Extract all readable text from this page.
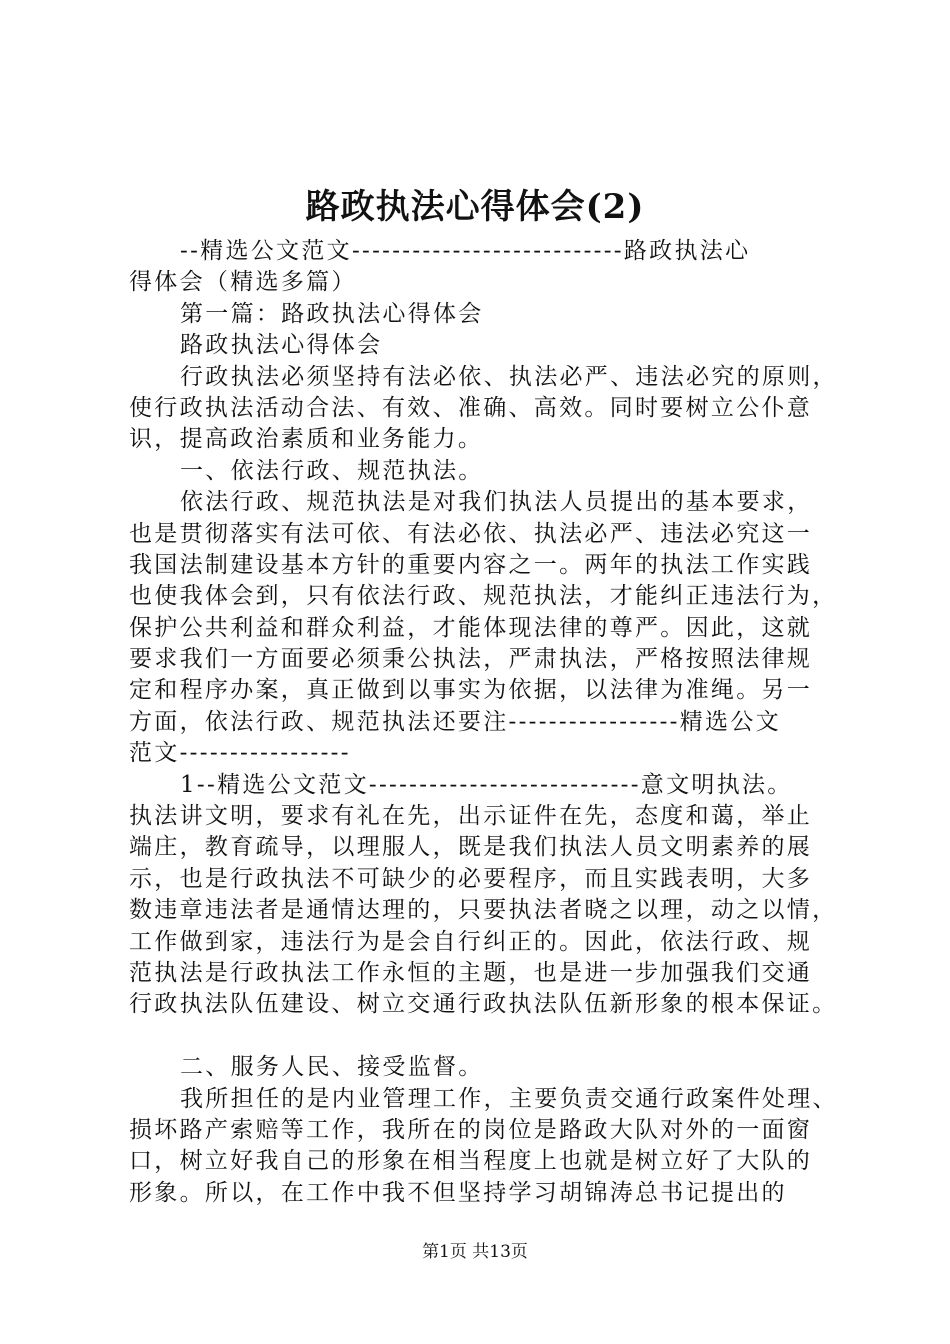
路政执法心得体会(2)
--精选公文范文---------------------------路政执法心
得体会（精选多篇）
第一篇：路政执法心得体会
路政执法心得体会
行政执法必须坚持有法必依、执法必严、违法必究的原则，
使行政执法活动合法、有效、准确、高效。同时要树立公仆意
识，提高政治素质和业务能力。
一、依法行政、规范执法。
依法行政、规范执法是对我们执法人员提出的基本要求，
也是贯彻落实有法可依、有法必依、执法必严、违法必究这一
我国法制建设基本方针的重要内容之一。两年的执法工作实践
也使我体会到，只有依法行政、规范执法，才能纠正违法行为，
保护公共利益和群众利益，才能体现法律的尊严。因此，这就
要求我们一方面要必须秉公执法，严肃执法，严格按照法律规
定和程序办案，真正做到以事实为依据，以法律为准绳。另一
方面，依法行政、规范执法还要注-----------------精选公文
范文-----------------
1--精选公文范文---------------------------意文明执法。
执法讲文明，要求有礼在先，出示证件在先，态度和蔼，举止
端庄，教育疏导，以理服人，既是我们执法人员文明素养的展
示，也是行政执法不可缺少的必要程序，而且实践表明，大多
数违章违法者是通情达理的，只要执法者晓之以理，动之以情，
工作做到家，违法行为是会自行纠正的。因此，依法行政、规
范执法是行政执法工作永恒的主题，也是进一步加强我们交通
行政执法队伍建设、树立交通行政执法队伍新形象的根本保证。
二、服务人民、接受监督。
我所担任的是内业管理工作，主要负责交通行政案件处理、
损坏路产索赔等工作，我所在的岗位是路政大队对外的一面窗
口，树立好我自己的形象在相当程度上也就是树立好了大队的
形象。所以，在工作中我不但坚持学习胡锦涛总书记提出的
第1页 共13页
